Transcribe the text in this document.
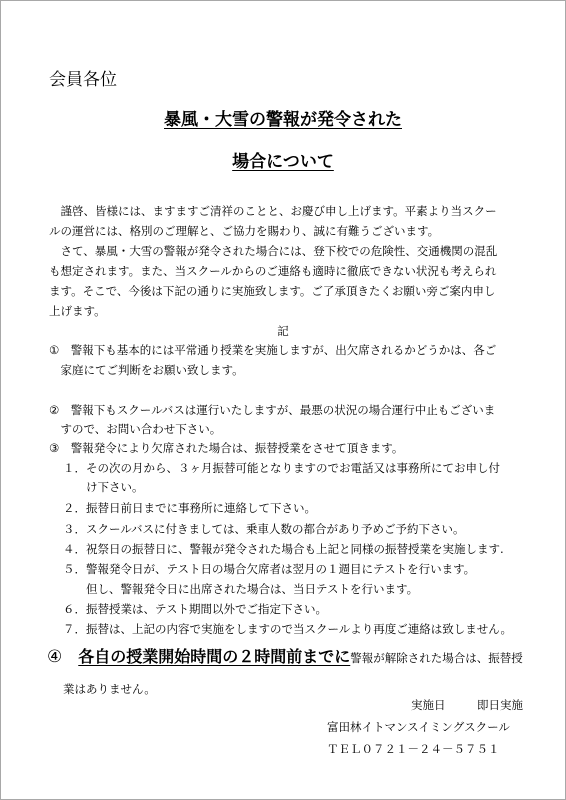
会員各位
暴風・大雪の警報が発令された
場合について
　謹啓、皆様には、ますますご清祥のことと、お慶び申し上げます。平素より当スクー
ルの運営には、格別のご理解と、ご協力を賜わり、誠に有難うございます。
　さて、暴風・大雪の警報が発令された場合には、登下校での危険性、交通機関の混乱
も想定されます。また、当スクールからのご連絡も適時に徹底できない状況も考えられ
ます。そこで、今後は下記の通りに実施致します。ご了承頂きたくお願い旁ご案内申し
上げます。
記
①　警報下も基本的には平常通り授業を実施しますが、出欠席されるかどうかは、各ご
　家庭にてご判断をお願い致します。
②　警報下もスクールバスは運行いたしますが、最悪の状況の場合運行中止もございま
　すので、お問い合わせ下さい。
③　警報発令により欠席された場合は、振替授業をさせて頂きます。
１．その次の月から、３ヶ月振替可能となりますのでお電話又は事務所にてお申し付
　　け下さい。
２．振替日前日までに事務所に連絡して下さい。
３．スクールバスに付きましては、乗車人数の都合があり予めご予約下さい。
４．祝祭日の振替日に、警報が発令された場合も上記と同様の振替授業を実施します.
５．警報発令日が、テスト日の場合欠席者は翌月の１週目にテストを行います。
　　但し、警報発令日に出席された場合は、当日テストを行います。
６．振替授業は、テスト期間以外でご指定下さい。
７．振替は、上記の内容で実施をしますので当スクールより再度ご連絡は致しません。
④ 各自の授業開始時間の２時間前までに警報が解除された場合は、振替授
業はありません。
実施日	即日実施
富田林イトマンスイミングスクール
ＴＥＬ０７２１－２４－５７５１
